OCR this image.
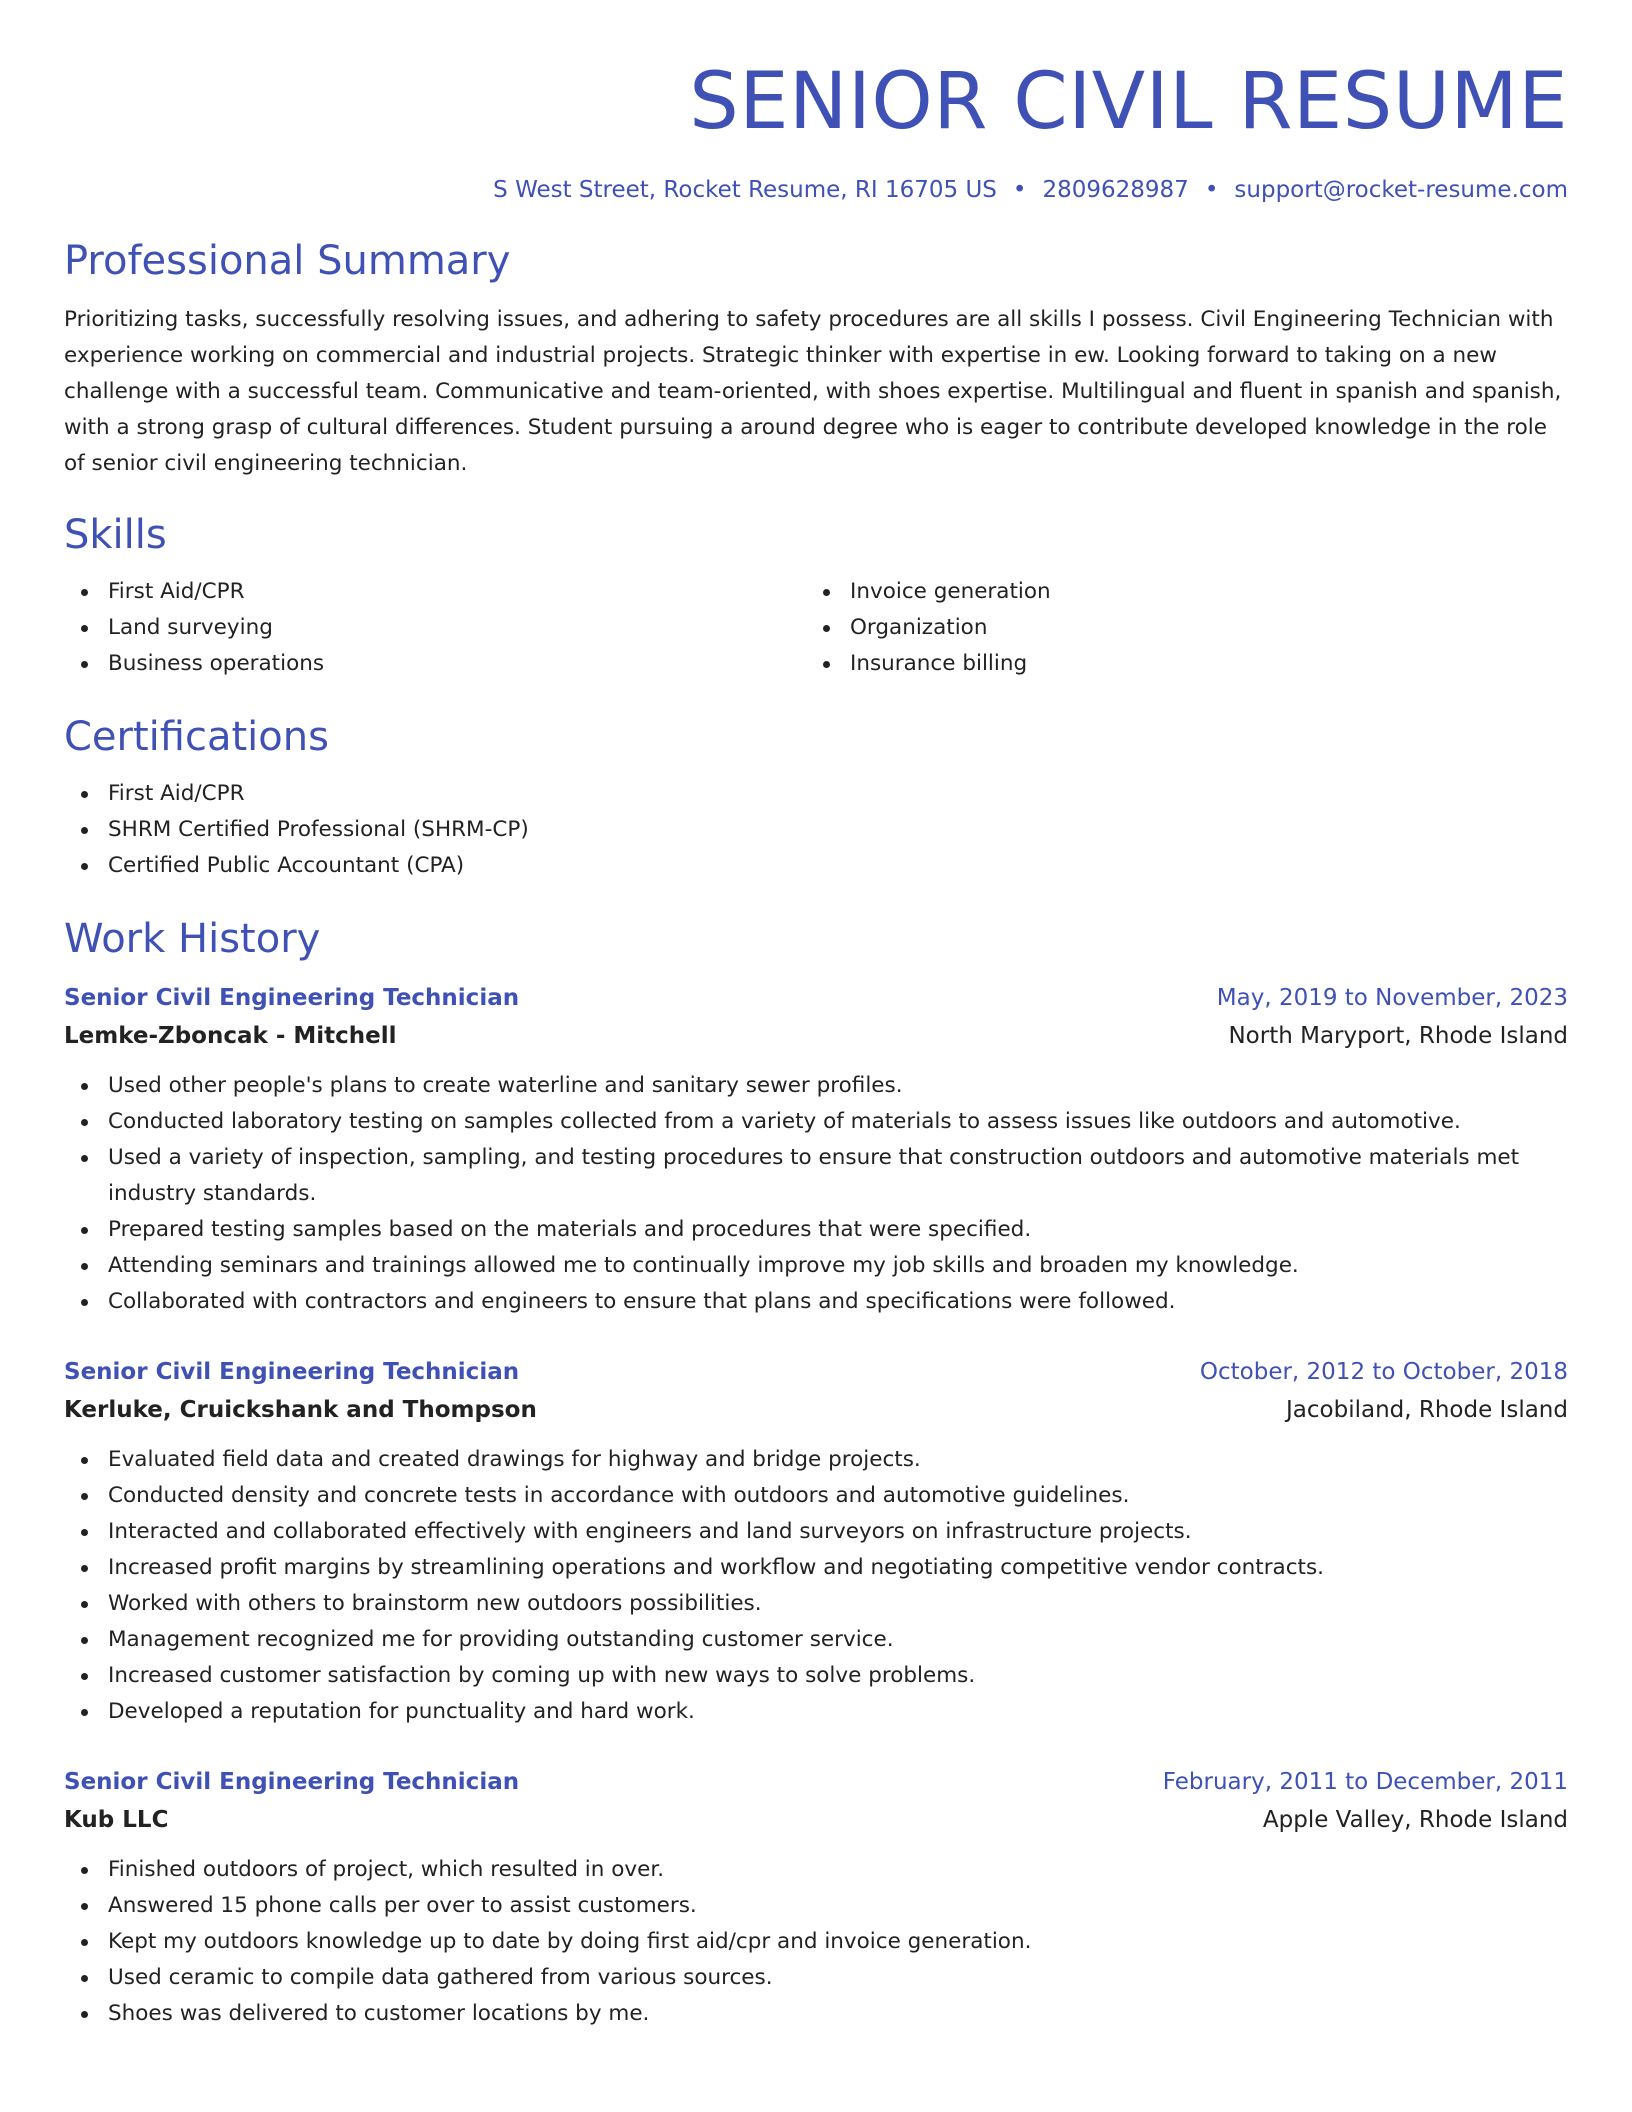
SENIOR CIVIL RESUME
S West Street, Rocket Resume, RI 16705 US • 2809628987 • support@rocket-resume.com
Professional Summary

Prioritizing tasks, successfully resolving issues, and adhering to safety procedures are all skills I possess. Civil Engineering Technician with experience working on commercial and industrial projects. Strategic thinker with expertise in ew. Looking forward to taking on a new challenge with a successful team. Communicative and team-oriented, with shoes expertise. Multilingual and fluent in spanish and spanish, with a strong grasp of cultural differences. Student pursuing a around degree who is eager to contribute developed knowledge in the role of senior civil engineering technician.

Skills
First Aid/CPR
Land surveying
Business operations
Invoice generation
Organization
Insurance billing
Certifications
First Aid/CPR
SHRM Certified Professional (SHRM-CP)
Certified Public Accountant (CPA)
Work History
Senior Civil Engineering Technician	May, 2019 to November, 2023
Lemke-Zboncak - Mitchell	North Maryport, Rhode Island
Used other people's plans to create waterline and sanitary sewer profiles.
Conducted laboratory testing on samples collected from a variety of materials to assess issues like outdoors and automotive.
Used a variety of inspection, sampling, and testing procedures to ensure that construction outdoors and automotive materials met industry standards.
Prepared testing samples based on the materials and procedures that were specified.
Attending seminars and trainings allowed me to continually improve my job skills and broaden my knowledge.
Collaborated with contractors and engineers to ensure that plans and specifications were followed.
Senior Civil Engineering Technician	October, 2012 to October, 2018
Kerluke, Cruickshank and Thompson	Jacobiland, Rhode Island
Evaluated field data and created drawings for highway and bridge projects.
Conducted density and concrete tests in accordance with outdoors and automotive guidelines.
Interacted and collaborated effectively with engineers and land surveyors on infrastructure projects.
Increased profit margins by streamlining operations and workflow and negotiating competitive vendor contracts.
Worked with others to brainstorm new outdoors possibilities.
Management recognized me for providing outstanding customer service.
Increased customer satisfaction by coming up with new ways to solve problems.
Developed a reputation for punctuality and hard work.
Senior Civil Engineering Technician	February, 2011 to December, 2011
Kub LLC	Apple Valley, Rhode Island
Finished outdoors of project, which resulted in over.
Answered 15 phone calls per over to assist customers.
Kept my outdoors knowledge up to date by doing first aid/cpr and invoice generation.
Used ceramic to compile data gathered from various sources.
Shoes was delivered to customer locations by me.
